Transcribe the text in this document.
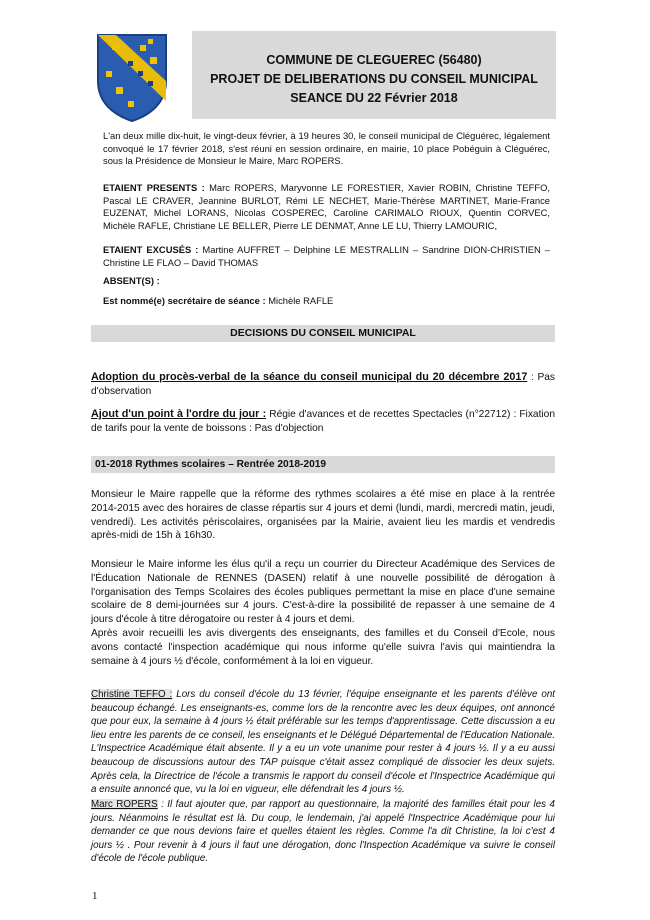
COMMUNE DE CLEGUEREC (56480)
PROJET DE DELIBERATIONS DU CONSEIL MUNICIPAL
SEANCE DU 22 Février 2018
L'an deux mille dix-huit, le vingt-deux février, à 19 heures 30, le conseil municipal de Cléguérec, légalement convoqué le 17 février 2018, s'est réuni en session ordinaire, en mairie, 10 place Pobéguin à Cléguérec, sous la Présidence de Monsieur le Maire, Marc ROPERS.
ETAIENT PRESENTS : Marc ROPERS, Maryvonne LE FORESTIER, Xavier ROBIN, Christine TEFFO, Pascal LE CRAVER, Jeannine BURLOT, Rémi LE NECHET, Marie-Thérèse MARTINET, Marie-France EUZENAT, Michel LORANS, Nicolas COSPEREC, Caroline CARIMALO RIOUX, Quentin CORVEC, Michèle RAFLE, Christiane LE BELLER, Pierre LE DENMAT, Anne LE LU, Thierry LAMOURIC,
ETAIENT EXCUSÉS : Martine AUFFRET – Delphine LE MESTRALLIN – Sandrine DION-CHRISTIEN – Christine LE FLAO – David THOMAS
ABSENT(S) :
Est nommé(e) secrétaire de séance : Michèle RAFLE
DECISIONS DU CONSEIL MUNICIPAL
Adoption du procès-verbal de la séance du conseil municipal du 20 décembre 2017 : Pas d'observation
Ajout d'un point à l'ordre du jour : Régie d'avances et de recettes Spectacles (n°22712) : Fixation de tarifs pour la vente de boissons : Pas d'objection
01-2018 Rythmes scolaires – Rentrée 2018-2019
Monsieur le Maire rappelle que la réforme des rythmes scolaires a été mise en place à la rentrée 2014-2015 avec des horaires de classe répartis sur 4 jours et demi (lundi, mardi, mercredi matin, jeudi, vendredi). Les activités périscolaires, organisées par la Mairie, avaient lieu les mardis et vendredis après-midi de 15h à 16h30.
Monsieur le Maire informe les élus qu'il a reçu un courrier du Directeur Académique des Services de l'Éducation Nationale de RENNES (DASEN) relatif à une nouvelle possibilité de dérogation à l'organisation des Temps Scolaires des écoles publiques permettant la mise en place d'une semaine scolaire de 8 demi-journées sur 4 jours. C'est-à-dire la possibilité de repasser à une semaine de 4 jours d'école à titre dérogatoire ou rester à 4 jours et demi.
Après avoir recueilli les avis divergents des enseignants, des familles et du Conseil d'Ecole, nous avons contacté l'inspection académique qui nous informe qu'elle suivra l'avis qui maintiendra la semaine à 4 jours ½ d'école, conformément à la loi en vigueur.
Christine TEFFO : Lors du conseil d'école du 13 février, l'équipe enseignante et les parents d'élève ont beaucoup échangé. Les enseignants-es, comme lors de la rencontre avec les deux équipes, ont annoncé que pour eux, la semaine à 4 jours ½ était préférable sur les temps d'apprentissage. Cette discussion a eu lieu entre les parents de ce conseil, les enseignants et le Délégué Départemental de l'Education Nationale. L'Inspectrice Académique était absente. Il y a eu un vote unanime pour rester à 4 jours ½. Il y a eu aussi beaucoup de discussions autour des TAP puisque c'était assez compliqué de dissocier les deux sujets. Après cela, la Directrice de l'école a transmis le rapport du conseil d'école et l'Inspectrice Académique qui a ensuite annoncé que, vu la loi en vigueur, elle défendrait les 4 jours ½.
Marc ROPERS : Il faut ajouter que, par rapport au questionnaire, la majorité des familles était pour les 4 jours. Néanmoins le résultat est là. Du coup, le lendemain, j'ai appelé l'Inspectrice Académique pour lui demander ce que nous devions faire et quelles étaient les règles. Comme l'a dit Christine, la loi c'est 4 jours ½ . Pour revenir à 4 jours il faut une dérogation, donc l'Inspection Académique va suivre le conseil d'école de l'école publique.
1
